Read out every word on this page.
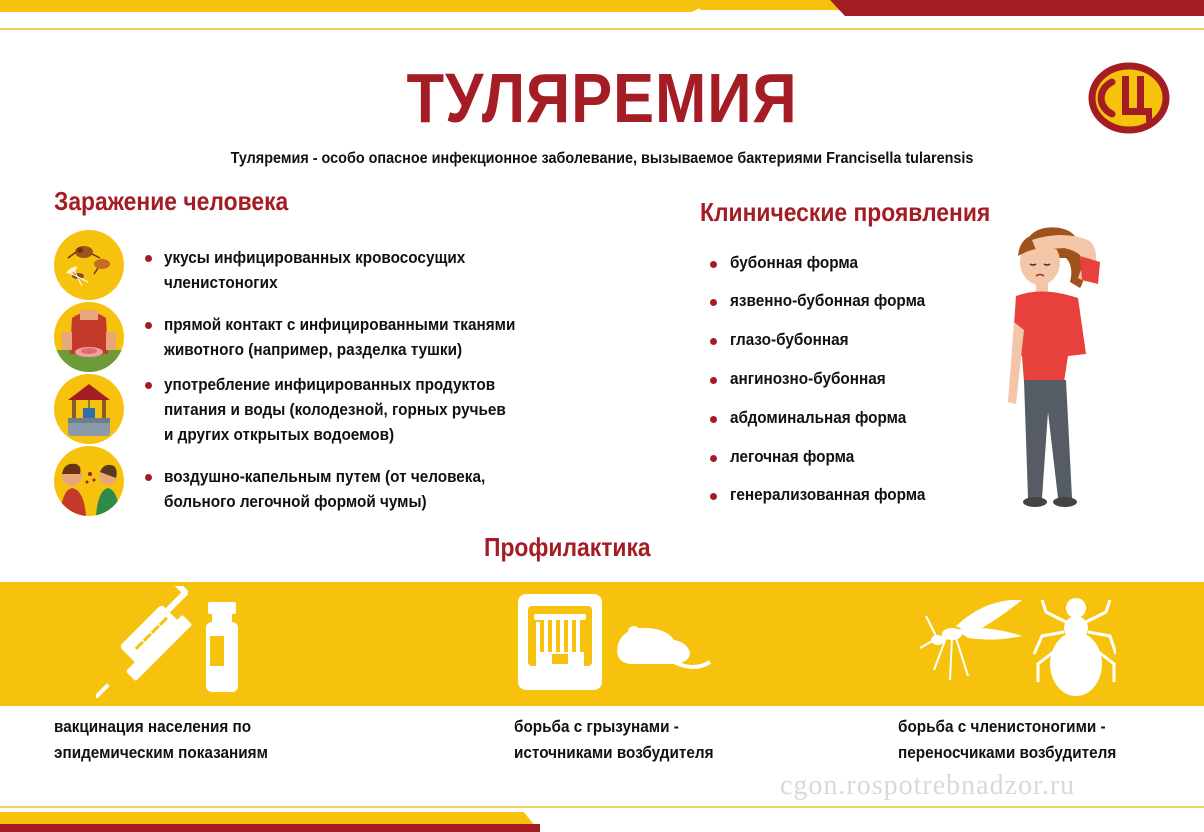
ТУЛЯРЕМИЯ
Туляремия - особо опасное инфекционное заболевание, вызываемое бактериями Francisella tularensis
Заражение человека
укусы инфицированных кровососущих
членистоногих
прямой контакт с инфицированными тканями
животного (например, разделка тушки)
употребление инфицированных продуктов
питания и воды (колодезной, горных ручьев
и других открытых водоемов)
воздушно-капельным путем (от человека,
больного легочной формой чумы)
Клинические проявления
бубонная форма
язвенно-бубонная форма
глазо-бубонная
ангинозно-бубонная
абдоминальная форма
легочная форма
генерализованная форма
Профилактика
вакцинация населения по
эпидемическим показаниям
борьба с грызунами -
источниками возбудителя
борьба с членистоногими -
переносчиками возбудителя
cgon.rospotrebnadzor.ru
